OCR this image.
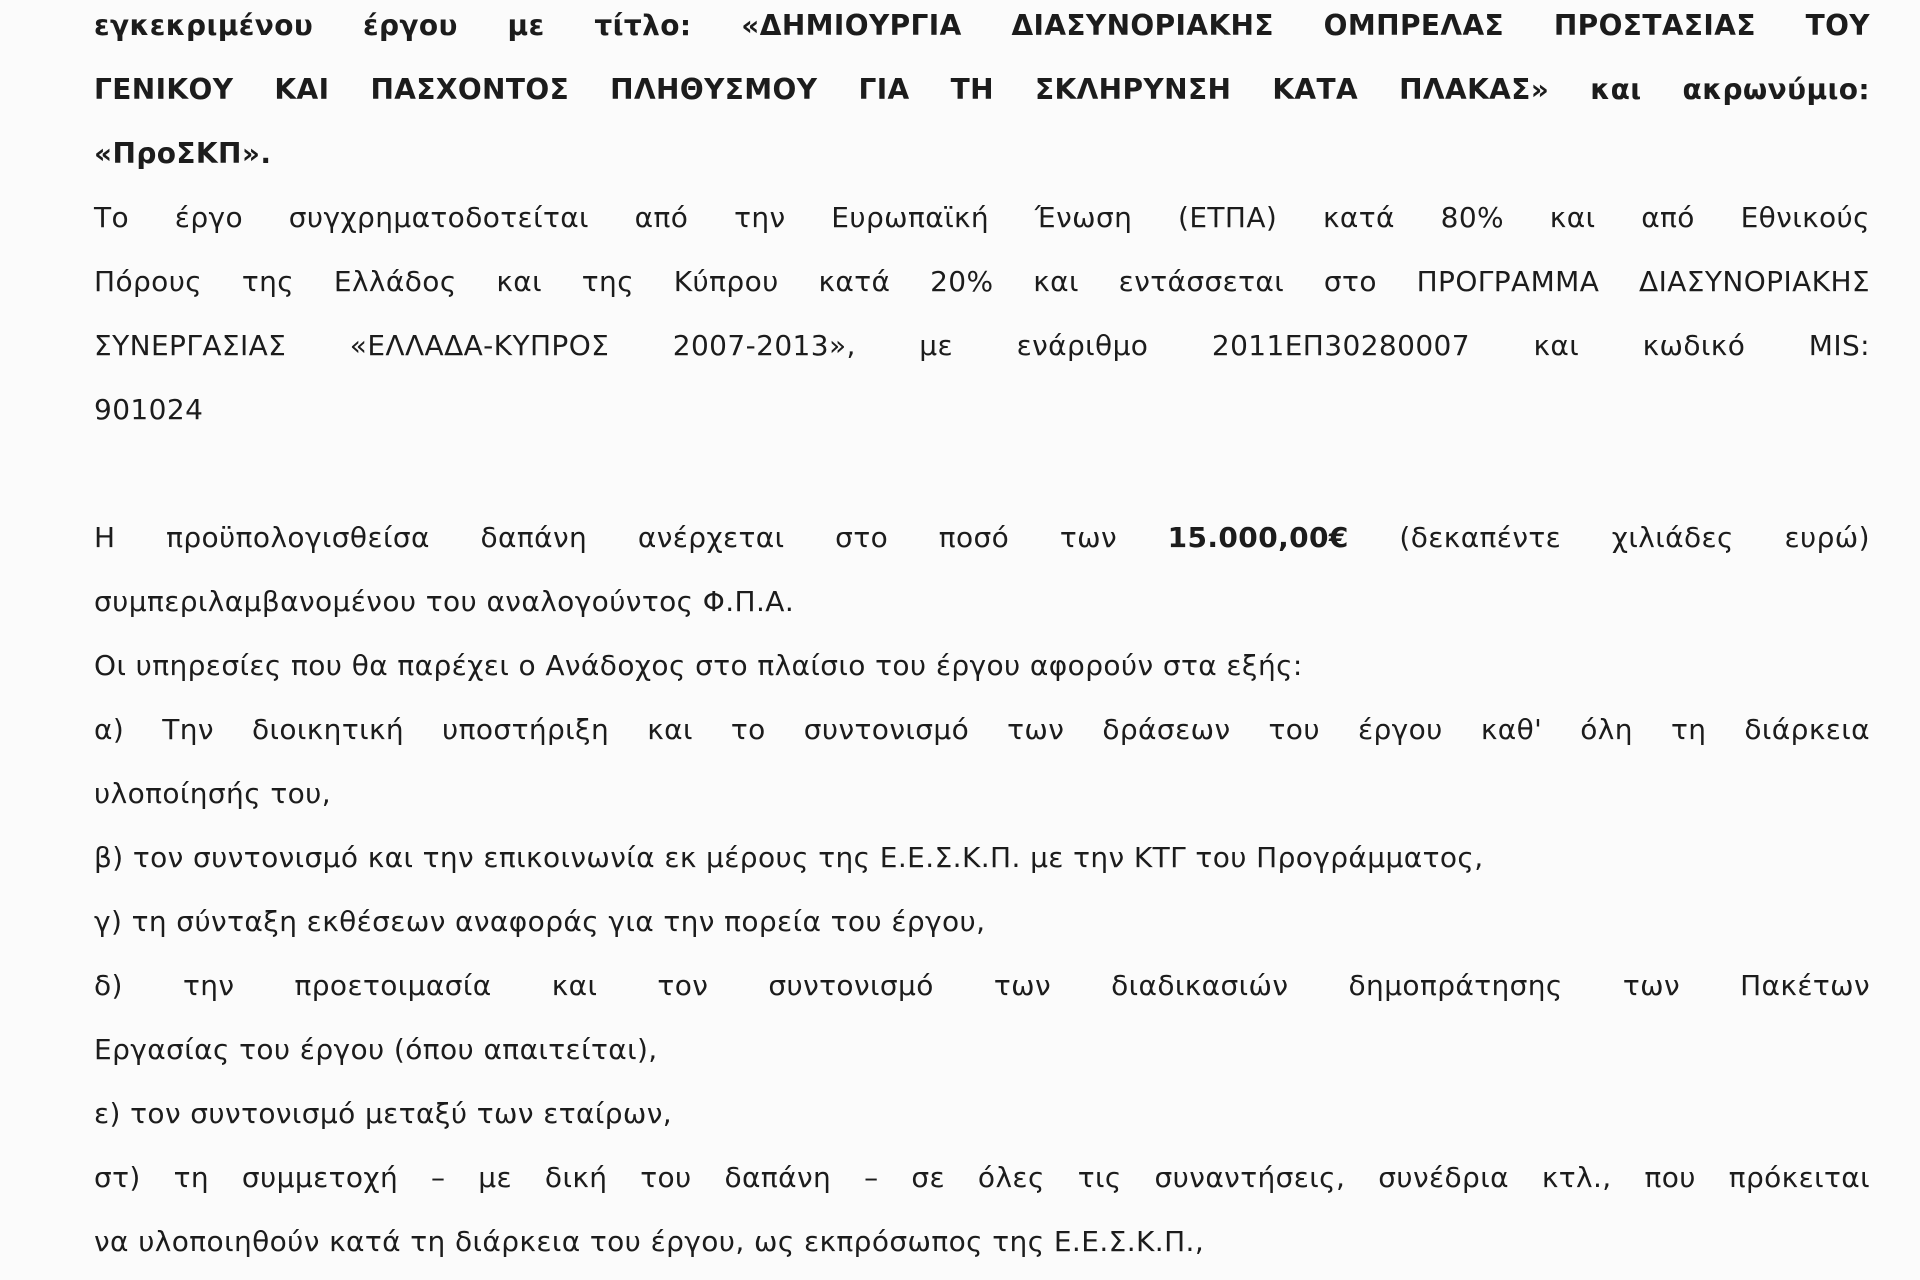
εγκεκριμένου έργου με τίτλο: «ΔΗΜΙΟΥΡΓΙΑ ΔΙΑΣΥΝΟΡΙΑΚΗΣ ΟΜΠΡΕΛΑΣ ΠΡΟΣΤΑΣΙΑΣ ΤΟΥ
ΓΕΝΙΚΟΥ ΚΑΙ ΠΑΣΧΟΝΤΟΣ ΠΛΗΘΥΣΜΟΥ ΓΙΑ ΤΗ ΣΚΛΗΡΥΝΣΗ ΚΑΤΑ ΠΛΑΚΑΣ» και ακρωνύμιο:
«ΠροΣΚΠ».
Το έργο συγχρηματοδοτείται από την Ευρωπαϊκή Ένωση (ΕΤΠΑ) κατά 80% και από Εθνικούς
Πόρους της Ελλάδος και της Κύπρου κατά 20% και εντάσσεται στο ΠΡΟΓΡΑΜΜΑ ΔΙΑΣΥΝΟΡΙΑΚΗΣ
ΣΥΝΕΡΓΑΣΙΑΣ «ΕΛΛΑΔΑ-ΚΥΠΡΟΣ 2007-2013», με ενάριθμο 2011ΕΠ30280007 και κωδικό MIS:
901024
Η προϋπολογισθείσα δαπάνη ανέρχεται στο ποσό των 15.000,00€ (δεκαπέντε χιλιάδες ευρώ)
συμπεριλαμβανομένου του αναλογούντος Φ.Π.Α.
Οι υπηρεσίες που θα παρέχει ο Ανάδοχος στο πλαίσιο του έργου αφορούν στα εξής:
α) Την διοικητική υποστήριξη και το συντονισμό των δράσεων του έργου καθ' όλη τη διάρκεια
υλοποίησής του,
β) τον συντονισμό και την επικοινωνία εκ μέρους της Ε.Ε.Σ.Κ.Π. με την ΚΤΓ του Προγράμματος,
γ) τη σύνταξη εκθέσεων αναφοράς για την πορεία του έργου,
δ) την προετοιμασία και τον συντονισμό των διαδικασιών δημοπράτησης των Πακέτων
Εργασίας του έργου (όπου απαιτείται),
ε) τον συντονισμό μεταξύ των εταίρων,
στ) τη συμμετοχή – με δική του δαπάνη – σε όλες τις συναντήσεις, συνέδρια κτλ., που πρόκειται
να υλοποιηθούν κατά τη διάρκεια του έργου, ως εκπρόσωπος της Ε.Ε.Σ.Κ.Π.,
